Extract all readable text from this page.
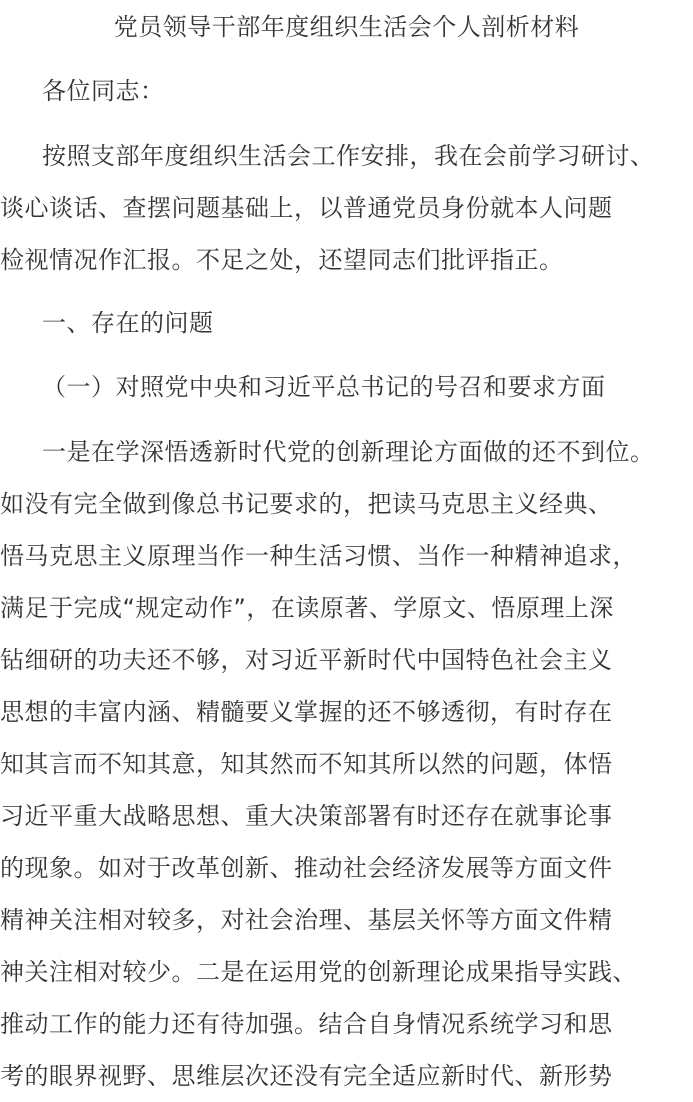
党员领导干部年度组织生活会个人剖析材料
各位同志：
按照支部年度组织生活会工作安排，我在会前学习研讨、
谈心谈话、查摆问题基础上，以普通党员身份就本人问题
检视情况作汇报。不足之处，还望同志们批评指正。
一、存在的问题
（一）对照党中央和习近平总书记的号召和要求方面
一是在学深悟透新时代党的创新理论方面做的还不到位。
如没有完全做到像总书记要求的，把读马克思主义经典、
悟马克思主义原理当作一种生活习惯、当作一种精神追求，
满足于完成“规定动作”，在读原著、学原文、悟原理上深
钻细研的功夫还不够，对习近平新时代中国特色社会主义
思想的丰富内涵、精髓要义掌握的还不够透彻，有时存在
知其言而不知其意，知其然而不知其所以然的问题，体悟
习近平重大战略思想、重大决策部署有时还存在就事论事
的现象。如对于改革创新、推动社会经济发展等方面文件
精神关注相对较多，对社会治理、基层关怀等方面文件精
神关注相对较少。二是在运用党的创新理论成果指导实践、
推动工作的能力还有待加强。结合自身情况系统学习和思
考的眼界视野、思维层次还没有完全适应新时代、新形势
